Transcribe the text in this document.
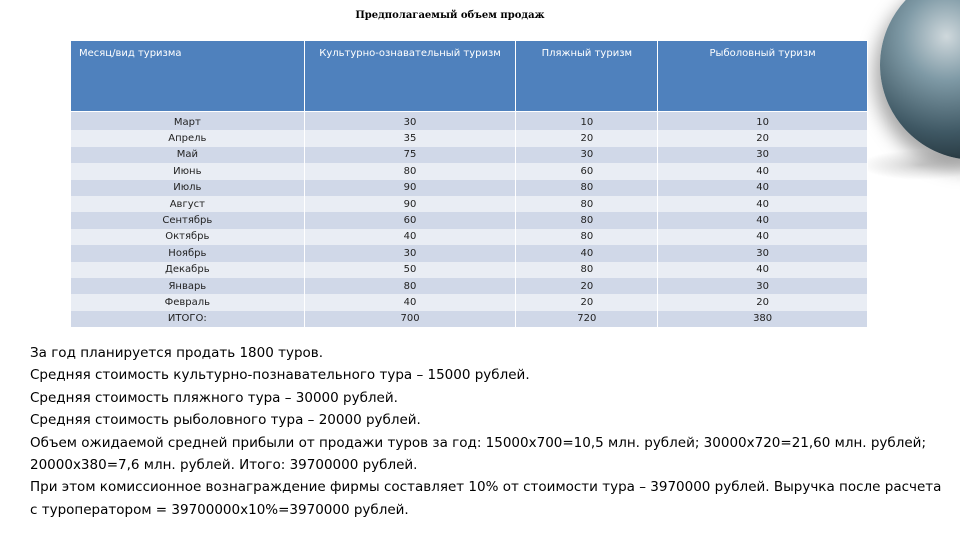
Предполагаемый объем продаж
Месяц/вид туризма	Культурно-ознавательный туризм	Пляжный туризм	Рыболовный туризм
Март	30	10	10
Апрель	35	20	20
Май	75	30	30
Июнь	80	60	40
Июль	90	80	40
Август	90	80	40
Сентябрь	60	80	40
Октябрь	40	80	40
Ноябрь	30	40	30
Декабрь	50	80	40
Январь	80	20	30
Февраль	40	20	20
ИТОГО:	700	720	380

За год планируется продать 1800 туров.

Средняя стоимость культурно-познавательного тура – 15000 рублей.

Средняя стоимость пляжного тура – 30000 рублей.

Средняя стоимость рыболовного тура – 20000 рублей.

Объем ожидаемой средней прибыли от продажи туров за год: 15000х700=10,5 млн. рублей; 30000х720=21,60 млн. рублей; 20000х380=7,6 млн. рублей. Итого: 39700000 рублей.

При этом комиссионное вознаграждение фирмы составляет 10% от стоимости тура – 3970000 рублей. Выручка после расчета с туроператором = 39700000х10%=3970000 рублей.
